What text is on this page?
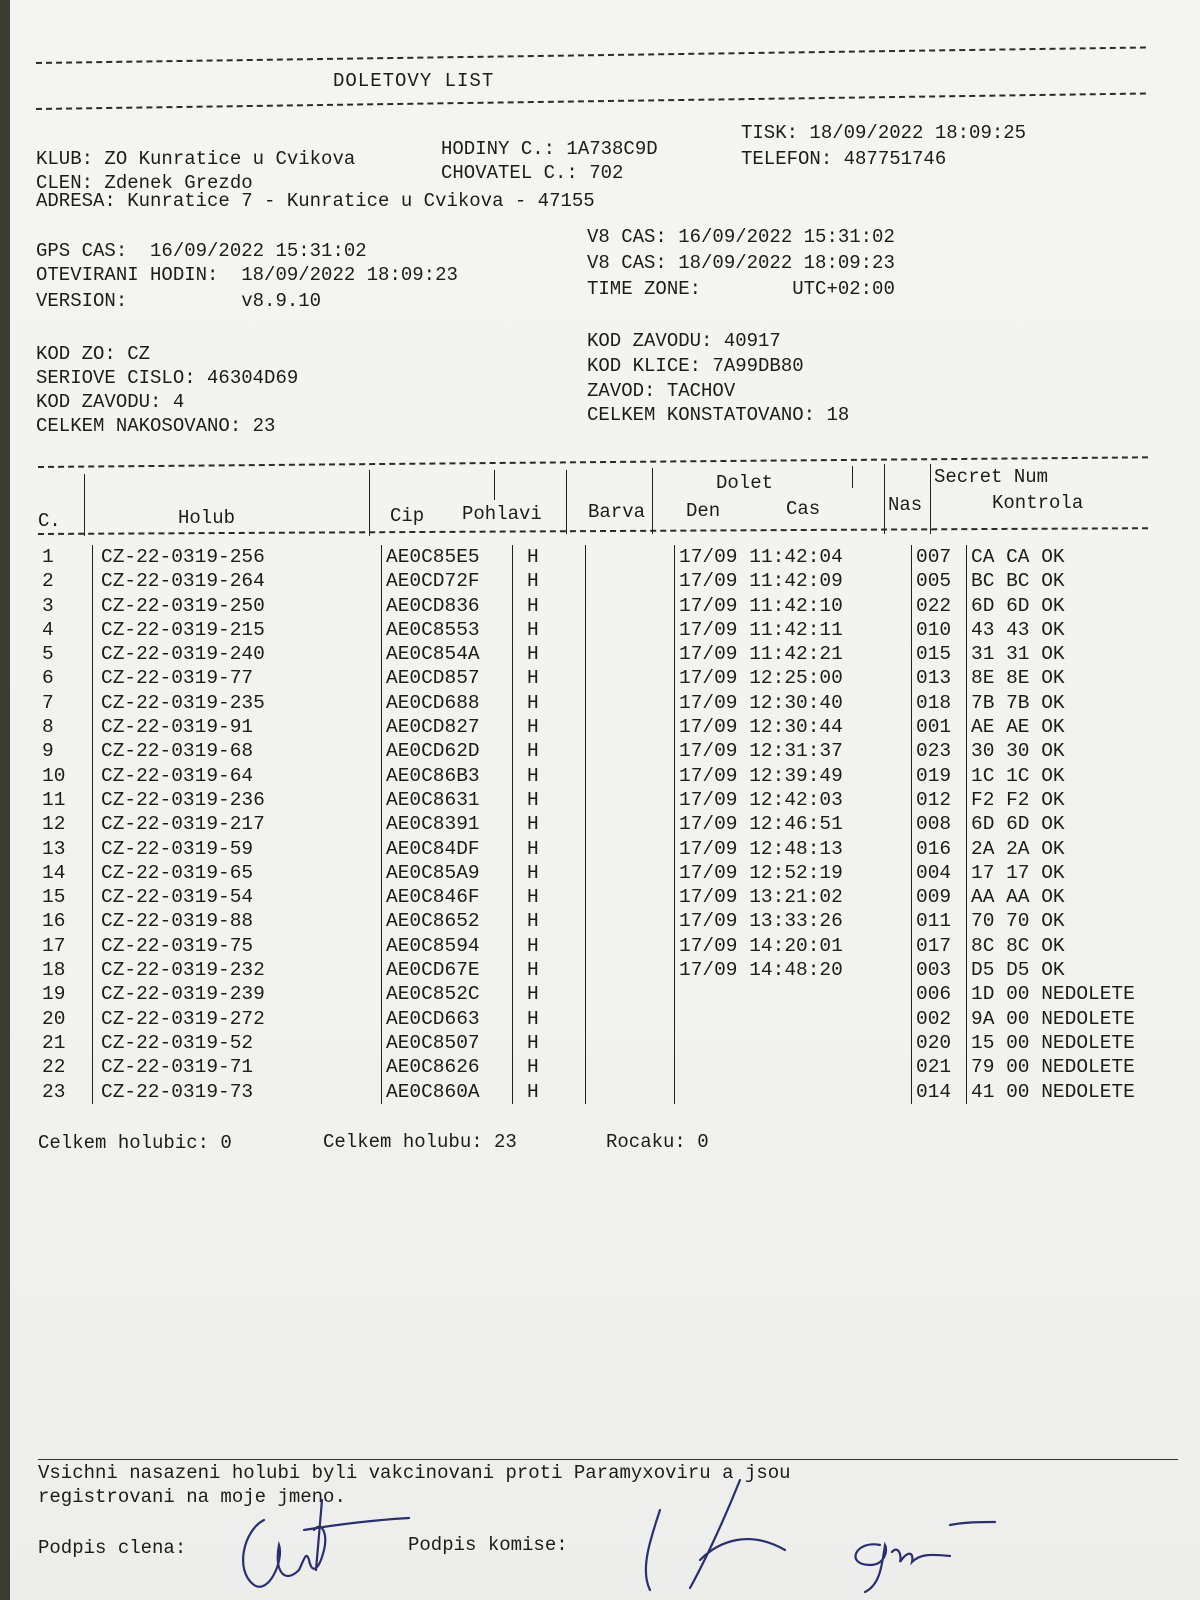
DOLETOVY LIST
KLUB: ZO Kunratice u Cvikova	HODINY C.: 1A738C9D
TISK: 18/09/2022 18:09:25
CLEN: Zdenek Grezdo	CHOVATEL C.: 702
TELEFON: 487751746
ADRESA: Kunratice 7 - Kunratice u Cvikova - 47155
GPS CAS:  16/09/2022 15:31:02
OTEVIRANI HODIN:  18/09/2022 18:09:23
VERSION:          v8.9.10
V8 CAS: 16/09/2022 15:31:02
V8 CAS: 18/09/2022 18:09:23
TIME ZONE:        UTC+02:00
KOD ZO: CZ
SERIOVE CISLO: 46304D69
KOD ZAVODU: 4
CELKEM NAKOSOVANO: 23
KOD ZAVODU: 40917
KOD KLICE: 7A99DB80
ZAVOD: TACHOV
CELKEM KONSTATOVANO: 18
C.	Holub	Cip Pohlavi Barva
Dolet
Den	Cas	Nas
Secret Num
Kontrola
1	CZ-22-0319-256	AE0C85E5	H		17/09 11:42:04	007	CA CA OK
2	CZ-22-0319-264	AE0CD72F	H		17/09 11:42:09	005	BC BC OK
3	CZ-22-0319-250	AE0CD836	H		17/09 11:42:10	022	6D 6D OK
4	CZ-22-0319-215	AE0C8553	H		17/09 11:42:11	010	43 43 OK
5	CZ-22-0319-240	AE0C854A	H		17/09 11:42:21	015	31 31 OK
6	CZ-22-0319-77	AE0CD857	H		17/09 12:25:00	013	8E 8E OK
7	CZ-22-0319-235	AE0CD688	H		17/09 12:30:40	018	7B 7B OK
8	CZ-22-0319-91	AE0CD827	H		17/09 12:30:44	001	AE AE OK
9	CZ-22-0319-68	AE0CD62D	H		17/09 12:31:37	023	30 30 OK
10	CZ-22-0319-64	AE0C86B3	H		17/09 12:39:49	019	1C 1C OK
11	CZ-22-0319-236	AE0C8631	H		17/09 12:42:03	012	F2 F2 OK
12	CZ-22-0319-217	AE0C8391	H		17/09 12:46:51	008	6D 6D OK
13	CZ-22-0319-59	AE0C84DF	H		17/09 12:48:13	016	2A 2A OK
14	CZ-22-0319-65	AE0C85A9	H		17/09 12:52:19	004	17 17 OK
15	CZ-22-0319-54	AE0C846F	H		17/09 13:21:02	009	AA AA OK
16	CZ-22-0319-88	AE0C8652	H		17/09 13:33:26	011	70 70 OK
17	CZ-22-0319-75	AE0C8594	H		17/09 14:20:01	017	8C 8C OK
18	CZ-22-0319-232	AE0CD67E	H		17/09 14:48:20	003	D5 D5 OK
19	CZ-22-0319-239	AE0C852C	H			006	1D 00 NEDOLETE
20	CZ-22-0319-272	AE0CD663	H			002	9A 00 NEDOLETE
21	CZ-22-0319-52	AE0C8507	H			020	15 00 NEDOLETE
22	CZ-22-0319-71	AE0C8626	H			021	79 00 NEDOLETE
23	CZ-22-0319-73	AE0C860A	H			014	41 00 NEDOLETE
Celkem holubic: 0	Celkem holubu: 23	Rocaku: 0
Vsichni nasazeni holubi byli vakcinovani proti Paramyxoviru a jsou
registrovani na moje jmeno.
Podpis clena:	Podpis komise:
